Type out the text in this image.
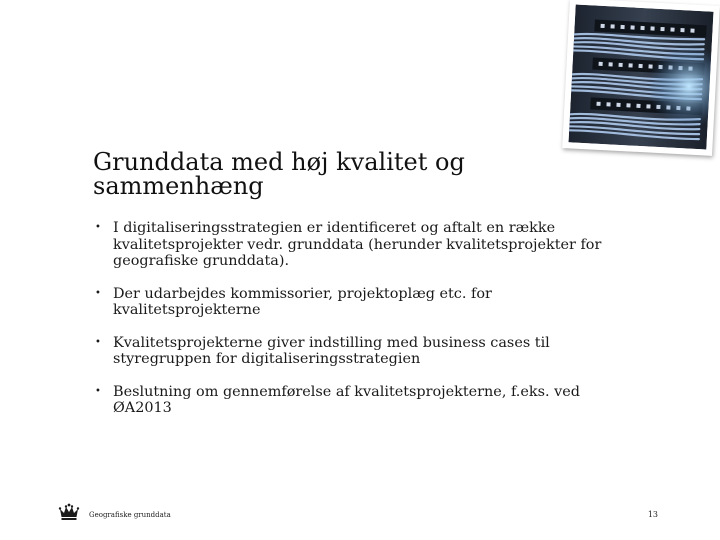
Grunddata med høj kvalitet og sammenhæng
• I digitaliseringsstrategien er identificeret og aftalt en række kvalitetsprojekter vedr. grunddata (herunder kvalitetsprojekter for geografiske grunddata).
• Der udarbejdes kommissorier, projektoplæg etc. for kvalitetsprojekterne
• Kvalitetsprojekterne giver indstilling med business cases til styregruppen for digitaliseringsstrategien
• Beslutning om gennemførelse af kvalitetsprojekterne, f.eks. ved ØA2013
Geografiske grunddata	13
